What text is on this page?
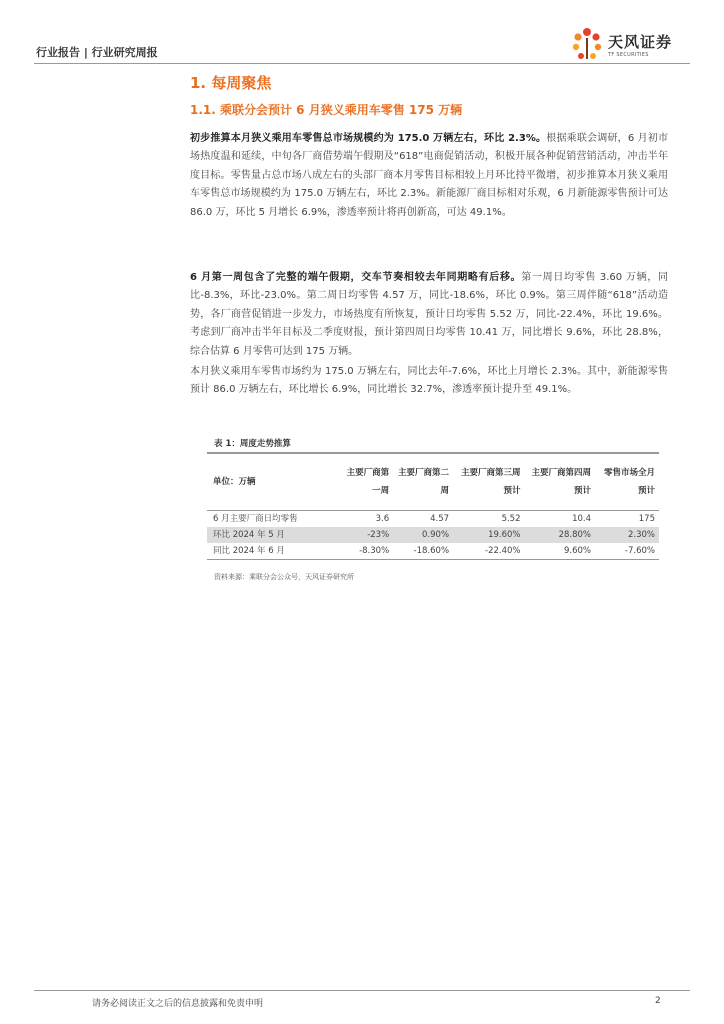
行业报告 | 行业研究周报
天风证券
TF SECURITIES
1. 每周聚焦
1.1. 乘联分会预计 6 月狭义乘用车零售 175 万辆
初步推算本月狭义乘用车零售总市场规模约为 175.0 万辆左右，环比 2.3%。根据乘联会调研，6 月初市场热度温和延续，中旬各厂商借势端午假期及“618”电商促销活动，积极开展各种促销营销活动，冲击半年度目标。零售量占总市场八成左右的头部厂商本月零售目标相较上月环比持平微增，初步推算本月狭义乘用车零售总市场规模约为 175.0 万辆左右，环比 2.3%。新能源厂商目标相对乐观，6 月新能源零售预计可达 86.0 万，环比 5 月增长 6.9%，渗透率预计将再创新高，可达 49.1%。
6 月第一周包含了完整的端午假期，交车节奏相较去年同期略有后移。第一周日均零售 3.60 万辆，同比-8.3%，环比-23.0%。第二周日均零售 4.57 万，同比-18.6%，环比 0.9%。第三周伴随“618”活动造势，各厂商营促销进一步发力，市场热度有所恢复，预计日均零售 5.52 万，同比-22.4%，环比 19.6%。考虑到厂商冲击半年目标及二季度财报，预计第四周日均零售 10.41 万，同比增长 9.6%，环比 28.8%，综合估算 6 月零售可达到 175 万辆。
本月狭义乘用车零售市场约为 175.0 万辆左右，同比去年-7.6%，环比上月增长 2.3%。其中，新能源零售预计 86.0 万辆左右，环比增长 6.9%，同比增长 32.7%，渗透率预计提升至 49.1%。
表 1：周度走势推算
单位：万辆	主要厂商第一周	主要厂商第二周	主要厂商第三周预计	主要厂商第四周预计	零售市场全月预计
6 月主要厂商日均零售	3.6	4.57	5.52	10.4	175
环比 2024 年 5 月	-23%	0.90%	19.60%	28.80%	2.30%
同比 2024 年 6 月	-8.30%	-18.60%	-22.40%	9.60%	-7.60%
资料来源：乘联分会公众号，天风证券研究所
请务必阅读正文之后的信息披露和免责申明	2
